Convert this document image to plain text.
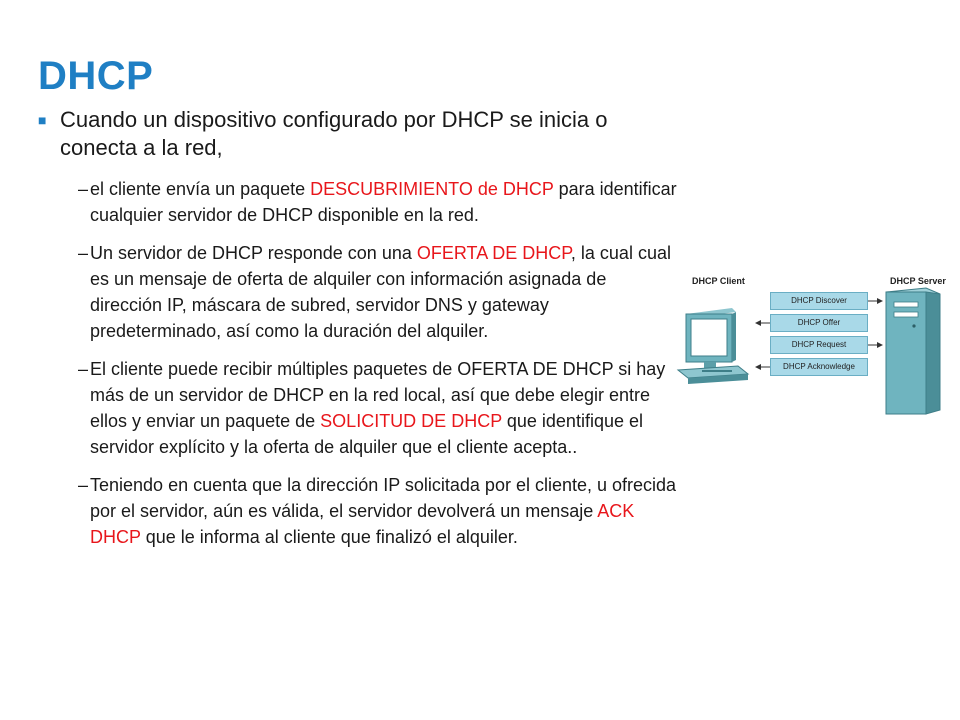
DHCP
■ Cuando un dispositivo configurado por DHCP se inicia o conecta a la red,
– el cliente envía un paquete DESCUBRIMIENTO de DHCP para identificar cualquier servidor de DHCP disponible en la red.
– Un servidor de DHCP responde con una OFERTA DE DHCP, la cual cual es un mensaje de oferta de alquiler con información asignada de dirección IP, máscara de subred, servidor DNS y gateway predeterminado, así como la duración del alquiler.
– El cliente puede recibir múltiples paquetes de OFERTA DE DHCP si hay más de un servidor de DHCP en la red local, así que debe elegir entre ellos y enviar un paquete de SOLICITUD DE DHCP que identifique el servidor explícito y la oferta de alquiler que el cliente acepta..
– Teniendo en cuenta que la dirección IP solicitada por el cliente, u ofrecida por el servidor, aún es válida, el servidor devolverá un mensaje ACK DHCP que le informa al cliente que finalizó el alquiler.
DHCP Client	DHCP Server
DHCP Discover
DHCP Offer
DHCP Request
DHCP Acknowledge
